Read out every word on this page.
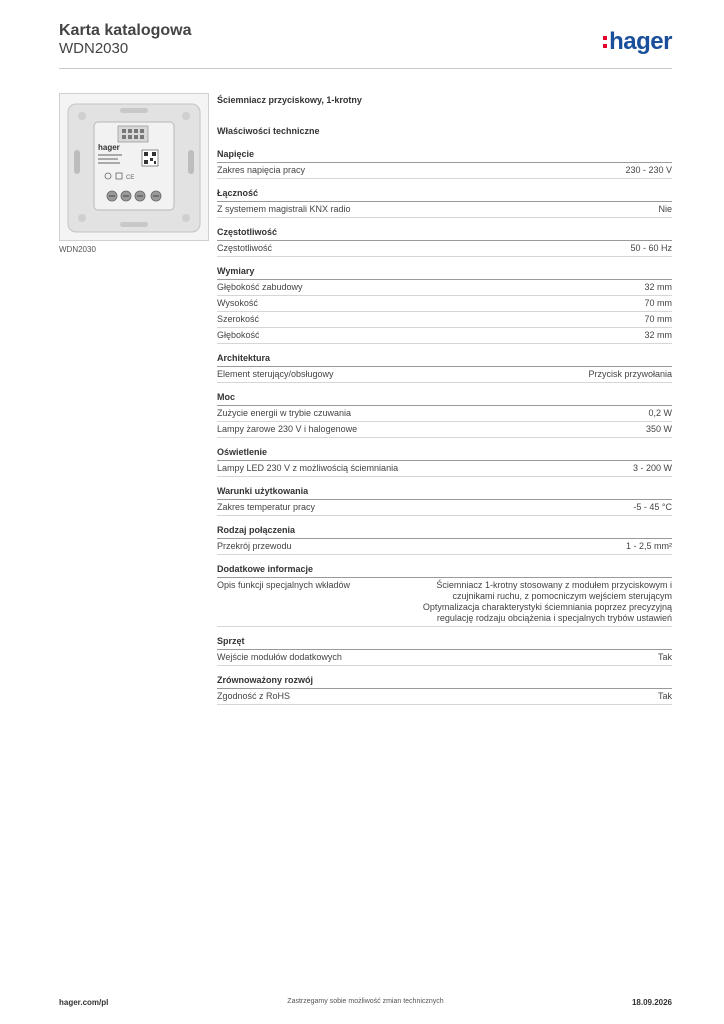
Karta katalogowa
WDN2030	hager
hager
CE
WDN2030
Ściemniacz przyciskowy, 1-krotny
Właściwości techniczne
Napięcie
Zakres napięcia pracy	230 - 230 V
Łączność
Z systemem magistrali KNX radio	Nie
Częstotliwość
Częstotliwość	50 - 60 Hz
Wymiary
Głębokość zabudowy	32 mm
Wysokość	70 mm
Szerokość	70 mm
Głębokość	32 mm
Architektura
Element sterujący/obsługowy	Przycisk przywołania
Moc
Zużycie energii w trybie czuwania	0,2 W
Lampy żarowe 230 V i halogenowe	350 W
Oświetlenie
Lampy LED 230 V z możliwością ściemniania	3 - 200 W
Warunki użytkowania
Zakres temperatur pracy	-5 - 45 °C
Rodzaj połączenia
Przekrój przewodu	1 - 2,5 mm²
Dodatkowe informacje
Opis funkcji specjalnych wkładów	Ściemniacz 1-krotny stosowany z modułem przyciskowym i czujnikami ruchu, z pomocniczym wejściem sterującym Optymalizacja charakterystyki ściemniania poprzez precyzyjną regulację rodzaju obciążenia i specjalnych trybów ustawień
Sprzęt
Wejście modułów dodatkowych	Tak
Zrównoważony rozwój
Zgodność z RoHS	Tak
hager.com/pl	Zastrzegamy sobie możliwość zmian technicznych	18.09.2026
